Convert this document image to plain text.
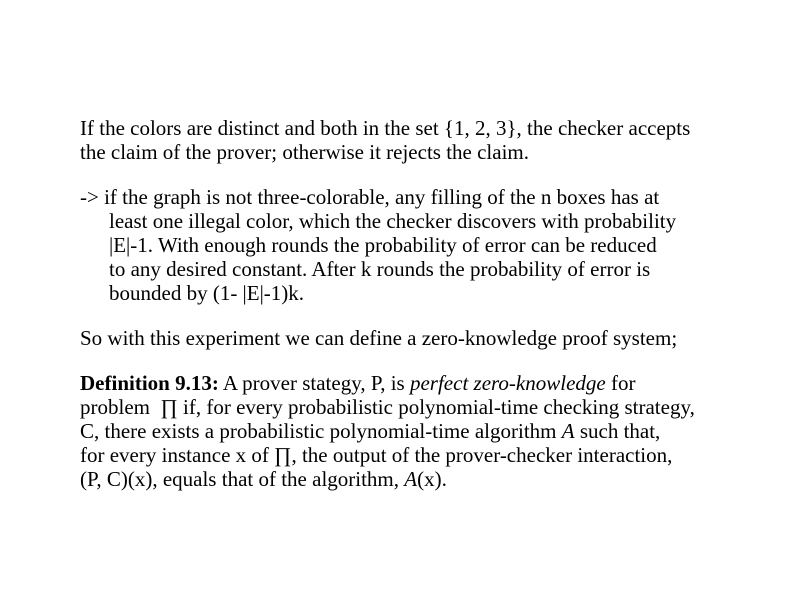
If the colors are distinct and both in the set {1, 2, 3}, the checker accepts
the claim of the prover; otherwise it rejects the claim.
-> if the graph is not three-colorable, any filling of the n boxes has at
least one illegal color, which the checker discovers with probability
|E|-1. With enough rounds the probability of error can be reduced
to any desired constant. After k rounds the probability of error is
bounded by (1- |E|-1)k.
So with this experiment we can define a zero-knowledge proof system;
Definition 9.13: A prover stategy, P, is perfect zero-knowledge for
problem  ∏ if, for every probabilistic polynomial-time checking strategy,
C, there exists a probabilistic polynomial-time algorithm A such that,
for every instance x of ∏, the output of the prover-checker interaction,
(P, C)(x), equals that of the algorithm, A(x).
